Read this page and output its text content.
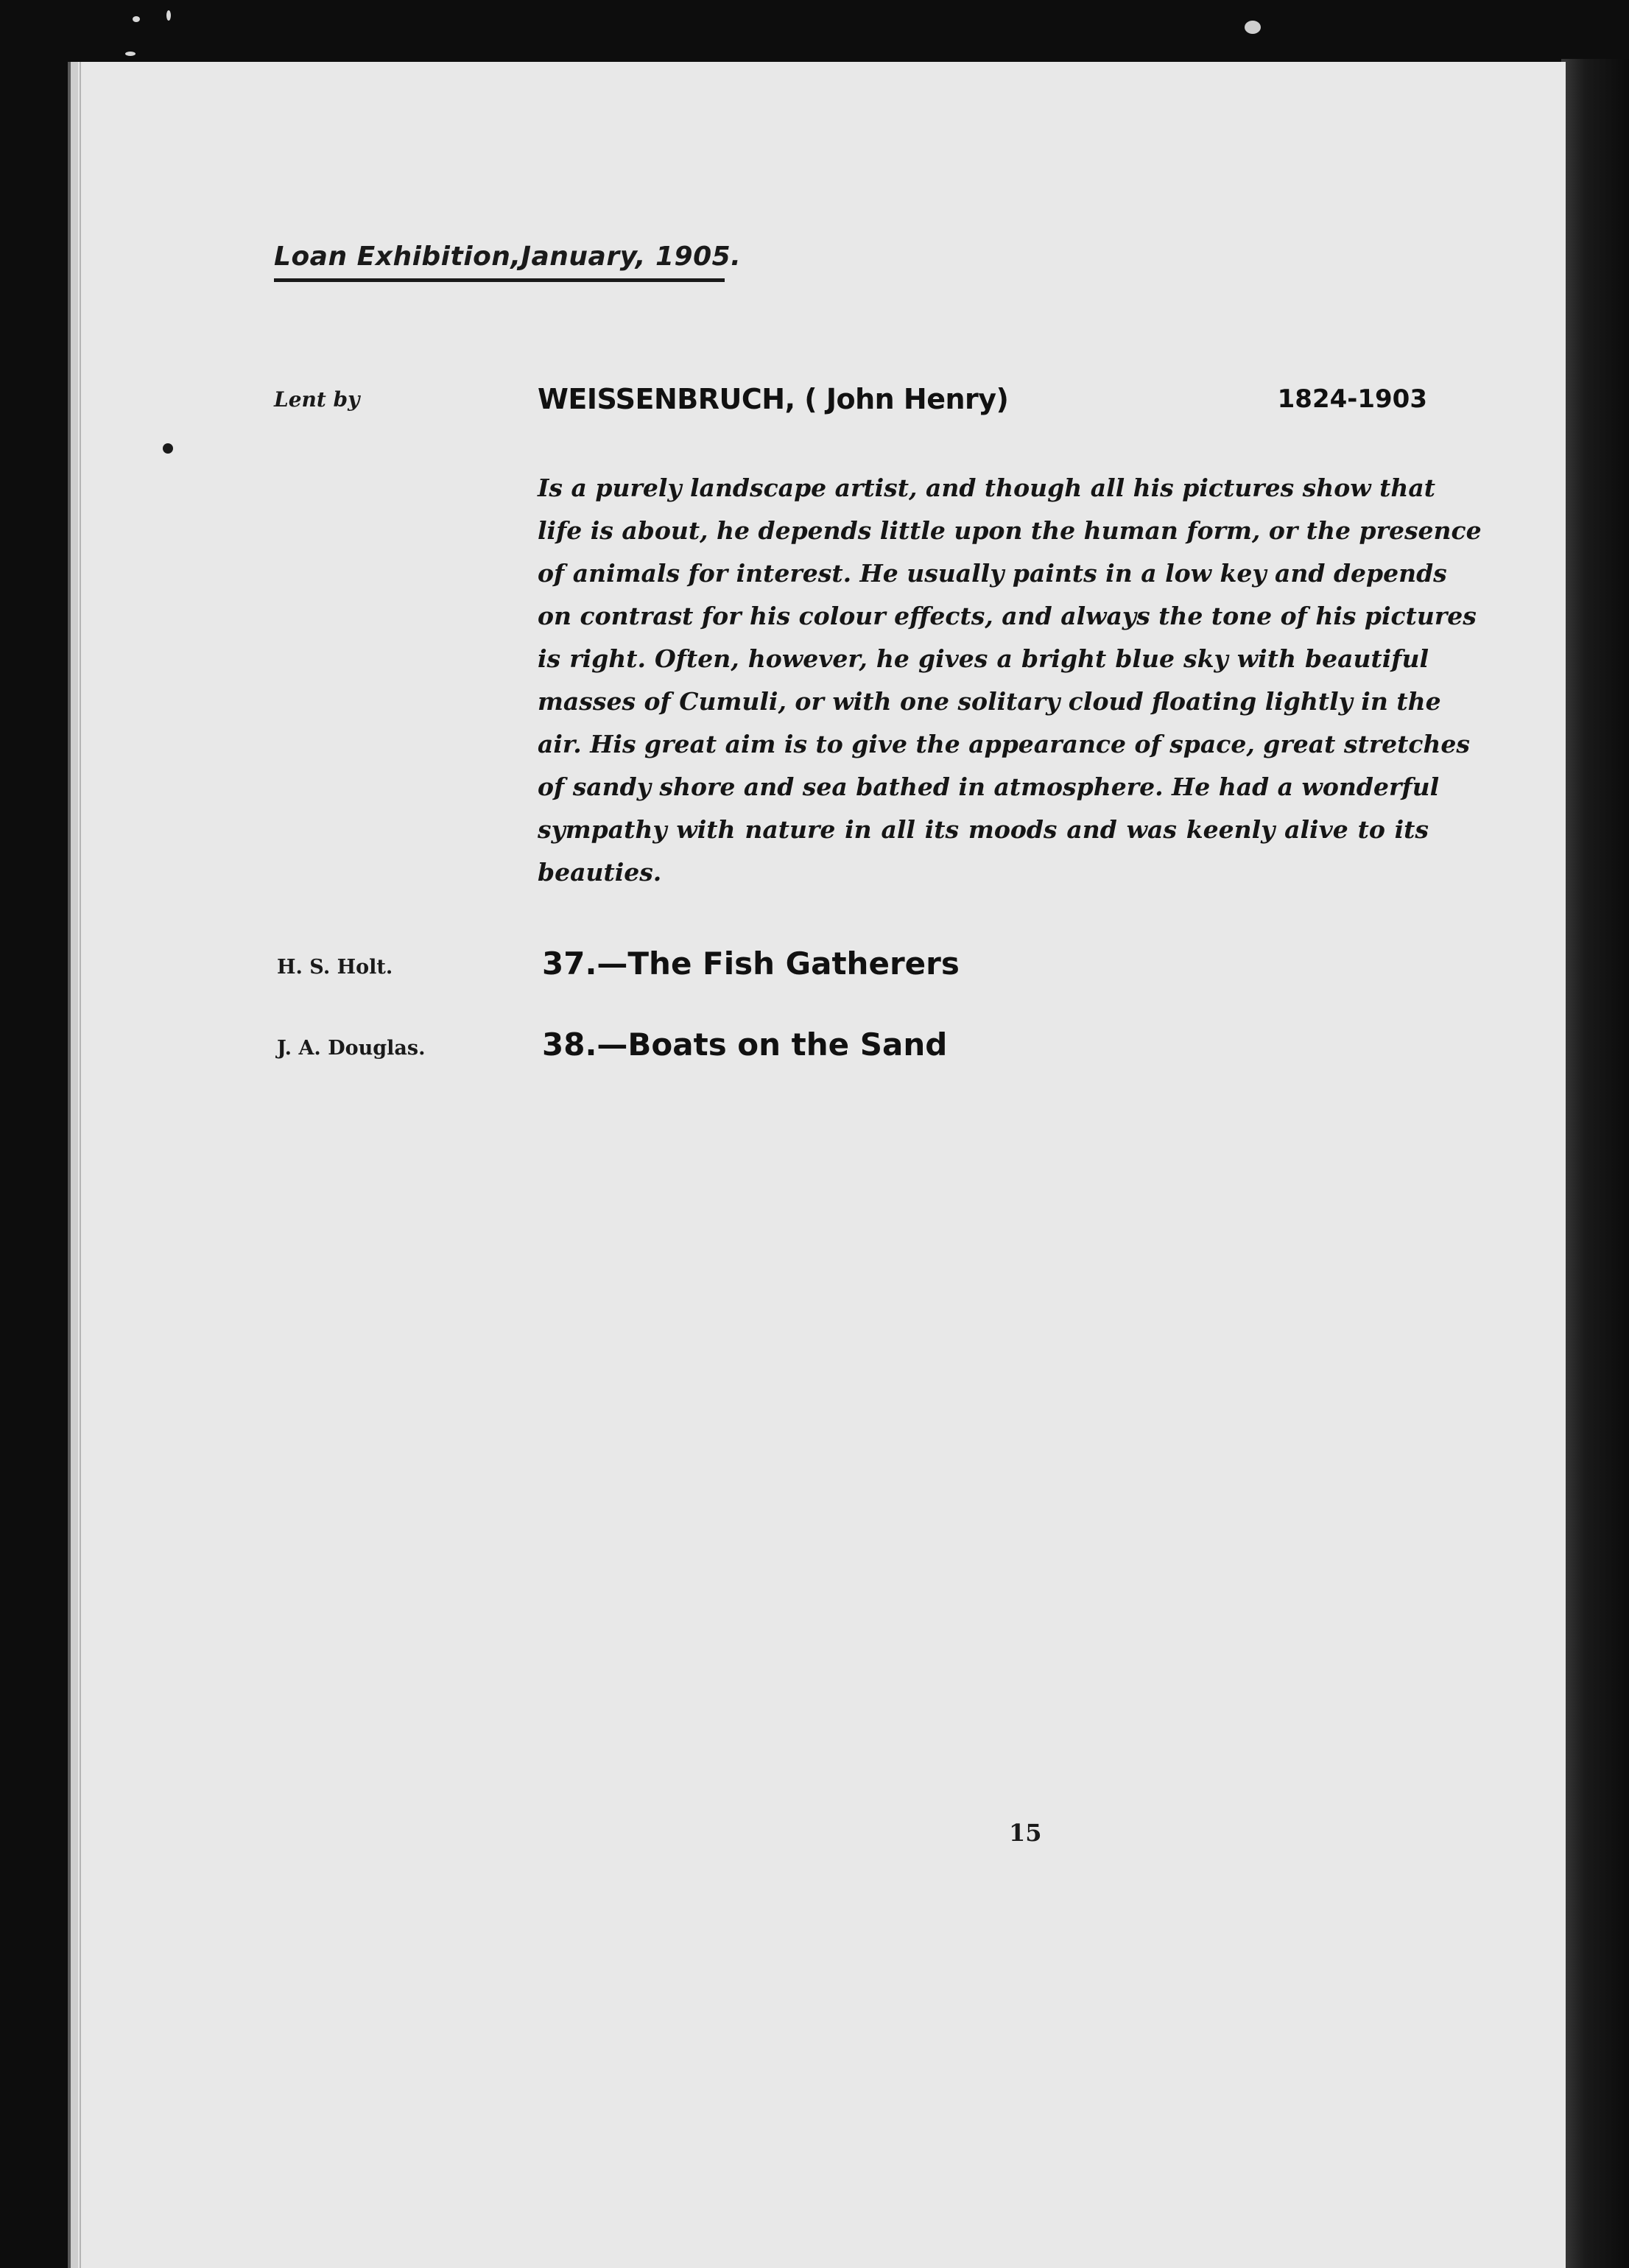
Loan Exhibition,January, 1905.
Lent by	WEISSENBRUCH, ( John Henry)	1824-1903
Is a purely landscape artist, and though all his pictures show that
life is about, he depends little upon the human form, or the presence
of animals for interest. He usually paints in a low key and depends
on contrast for his colour effects, and always the tone of his pictures
is right. Often, however, he gives a bright blue sky with beautiful
masses of Cumuli, or with one solitary cloud floating lightly in the
air. His great aim is to give the appearance of space, great stretches
of sandy shore and sea bathed in atmosphere. He had a wonderful
sympathy with nature in all its moods and was keenly alive to its
beauties.
H. S. Holt.	37.—The Fish Gatherers
J. A. Douglas.	38.—Boats on the Sand
15
